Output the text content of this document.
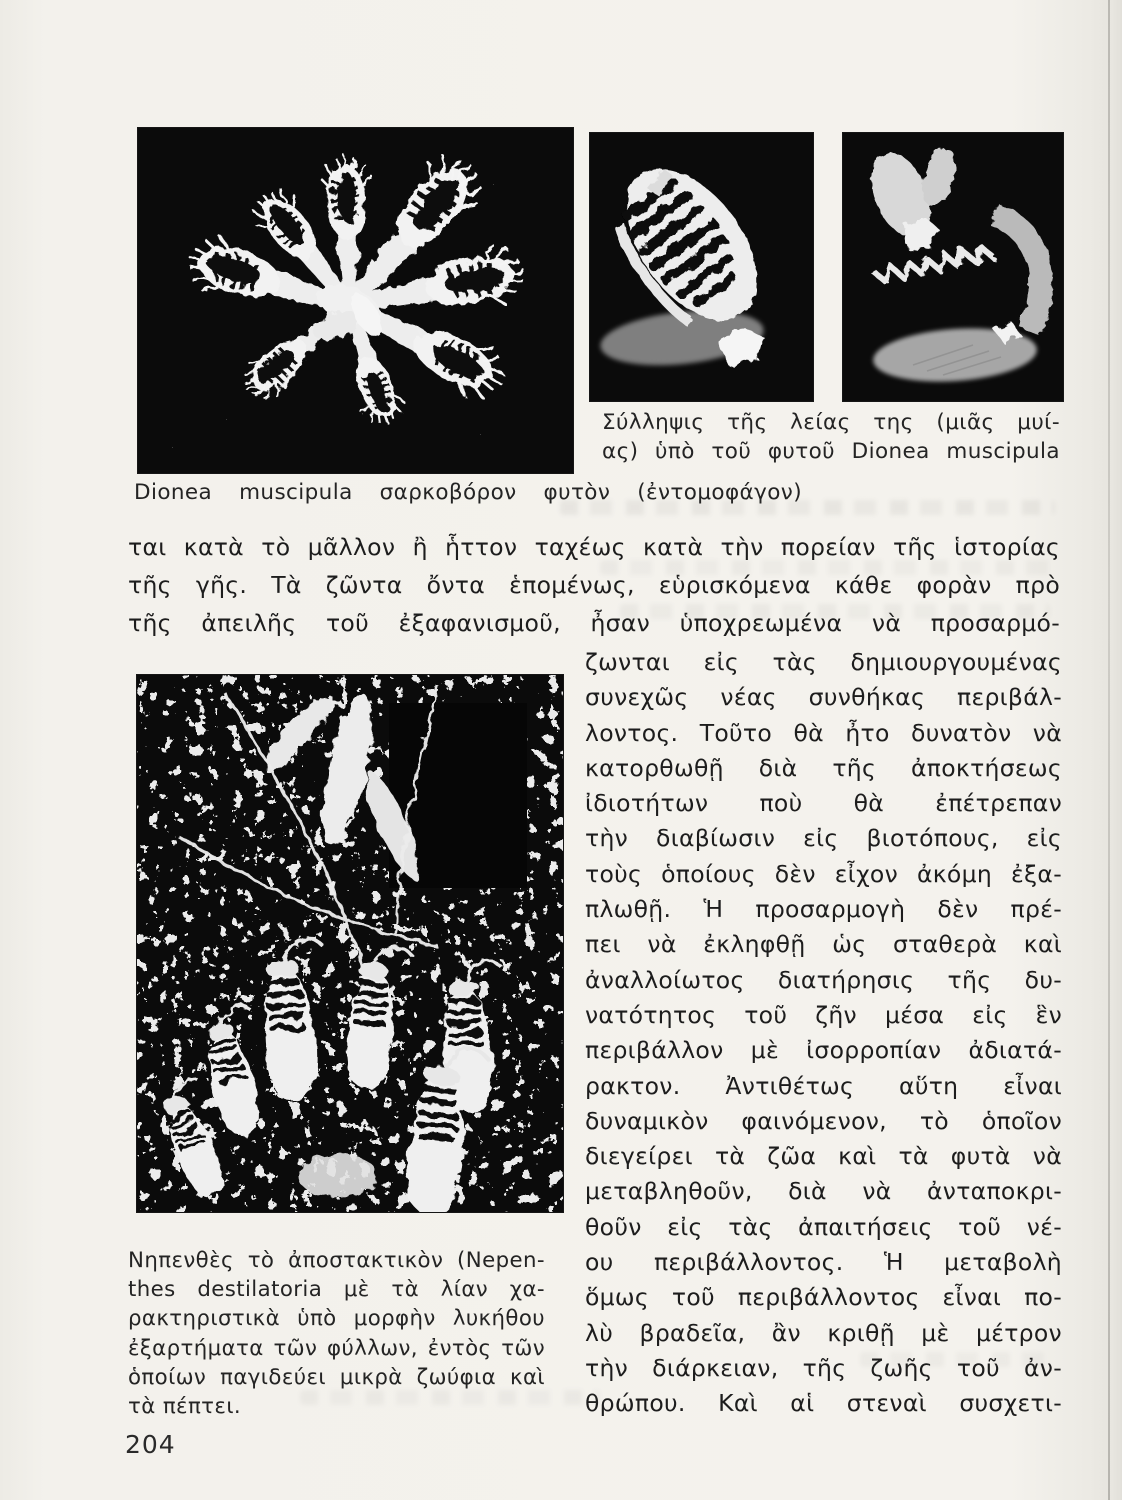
Σύλληψις τῆς λείας της (μιᾶς μυί-
ας) ὑπὸ τοῦ φυτοῦ Dionea muscipula
Dionea muscipula σαρκοβόρον φυτὸν (ἐντομοφάγον)
ται κατὰ τὸ μᾶλλον ἢ ἧττον ταχέως κατὰ τὴν πορείαν τῆς ἱστορίας
τῆς γῆς. Τὰ ζῶντα ὄντα ἑπομένως, εὑρισκόμενα κάθε φορὰν πρὸ
τῆς ἀπειλῆς τοῦ ἐξαφανισμοῦ, ἦσαν ὑποχρεωμένα νὰ προσαρμό-
Νηπενθὲς τὸ ἀποστακτικὸν (Nepen-
thes destilatoria μὲ τὰ λίαν χα-
ρακτηριστικὰ ὑπὸ μορφὴν λυκήθου
ἐξαρτήματα τῶν φύλλων, ἐντὸς τῶν
ὁποίων παγιδεύει μικρὰ ζωύφια καὶ
τὰ πέπτει.
ζωνται εἰς τὰς δημιουργουμένας
συνεχῶς νέας συνθήκας περιβάλ-
λοντος. Τοῦτο θὰ ἦτο δυνατὸν νὰ
κατορθωθῇ διὰ τῆς ἀποκτήσεως
ἰδιοτήτων ποὺ θὰ ἐπέτρεπαν
τὴν διαβίωσιν εἰς βιοτόπους, εἰς
τοὺς ὁποίους δὲν εἶχον ἀκόμη ἐξα-
πλωθῇ. Ἡ προσαρμογὴ δὲν πρέ-
πει νὰ ἐκληφθῇ ὡς σταθερὰ καὶ
ἀναλλοίωτος διατήρησις τῆς δυ-
νατότητος τοῦ ζῆν μέσα εἰς ἓν
περιβάλλον μὲ ἰσορροπίαν ἀδιατά-
ρακτον. Ἀντιθέτως αὕτη εἶναι
δυναμικὸν φαινόμενον, τὸ ὁποῖον
διεγείρει τὰ ζῶα καὶ τὰ φυτὰ νὰ
μεταβληθοῦν, διὰ νὰ ἀνταποκρι-
θοῦν εἰς τὰς ἀπαιτήσεις τοῦ νέ-
ου περιβάλλοντος. Ἡ μεταβολὴ
ὅμως τοῦ περιβάλλοντος εἶναι πο-
λὺ βραδεῖα, ἂν κριθῇ μὲ μέτρον
τὴν διάρκειαν, τῆς ζωῆς τοῦ ἀν-
θρώπου. Καὶ αἱ στεναὶ συσχετι-
204
